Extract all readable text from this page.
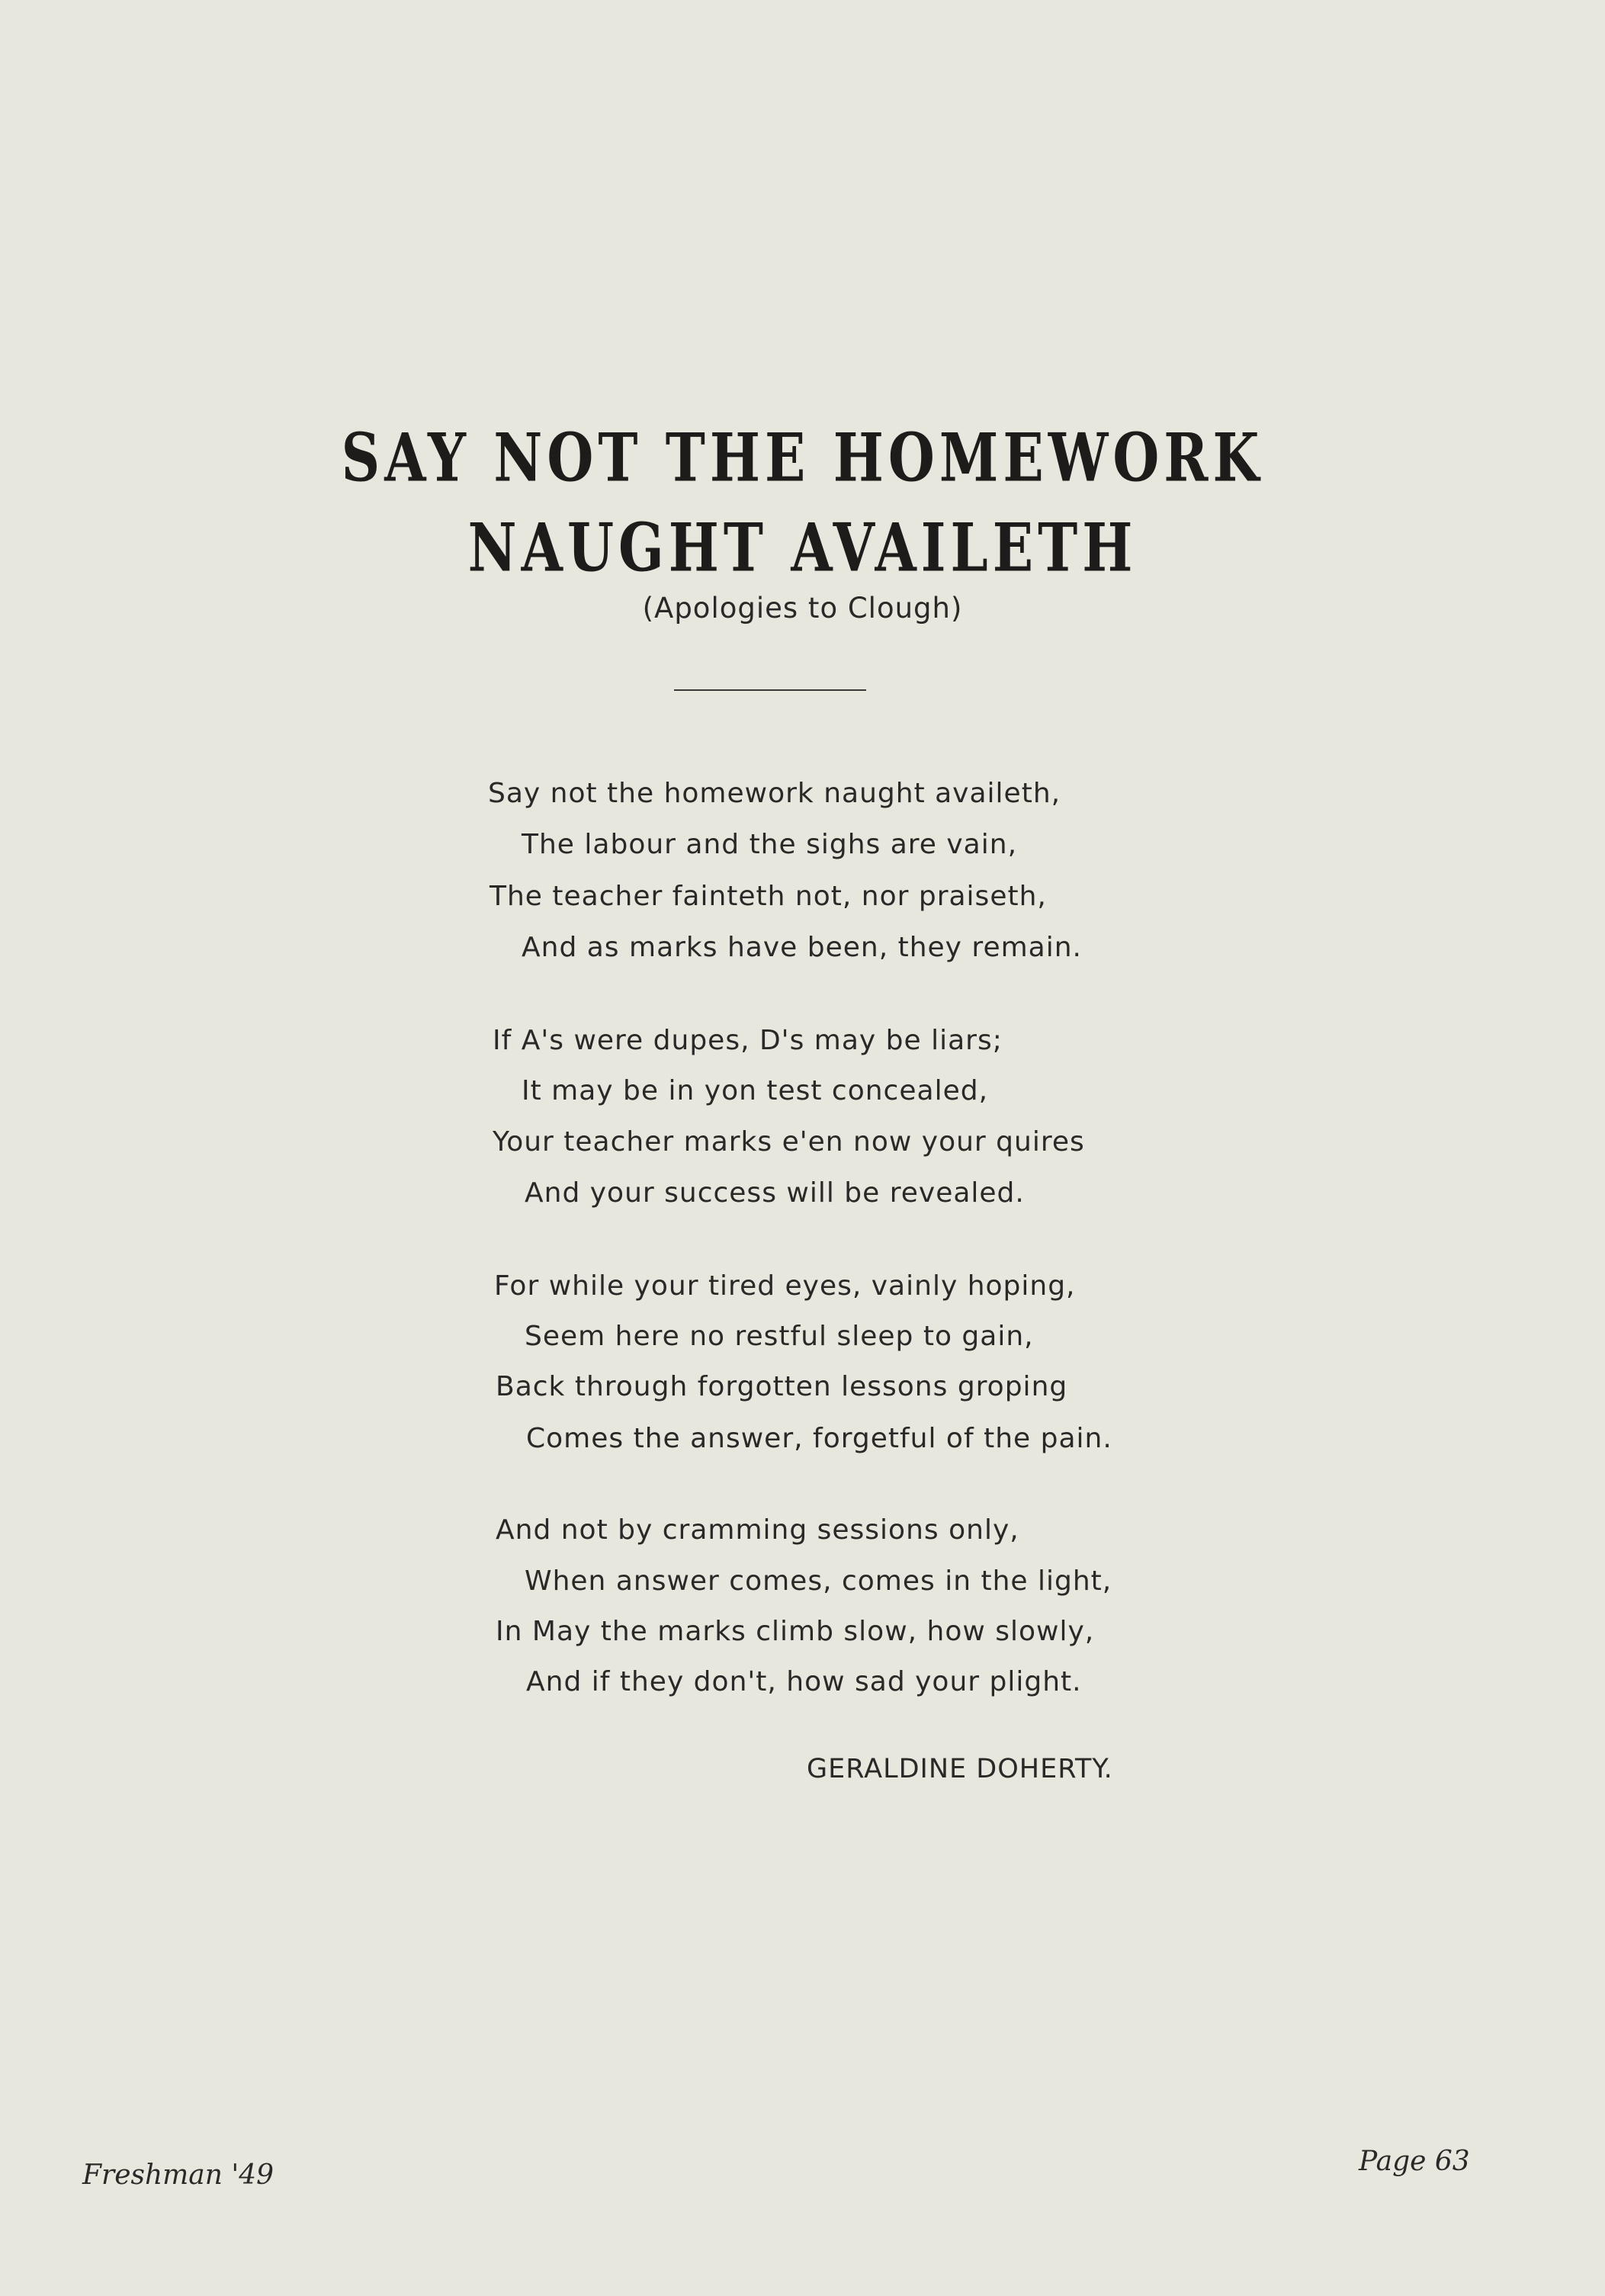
SAY NOT THE HOMEWORK
NAUGHT AVAILETH
(Apologies to Clough)
Say not the homework naught availeth,
The labour and the sighs are vain,
The teacher fainteth not, nor praiseth,
And as marks have been, they remain.
If A's were dupes, D's may be liars;
It may be in yon test concealed,
Your teacher marks e'en now your quires
And your success will be revealed.
For while your tired eyes, vainly hoping,
Seem here no restful sleep to gain,
Back through forgotten lessons groping
Comes the answer, forgetful of the pain.
And not by cramming sessions only,
When answer comes, comes in the light,
In May the marks climb slow, how slowly,
And if they don't, how sad your plight.
GERALDINE DOHERTY.
Freshman '49	Page 63
